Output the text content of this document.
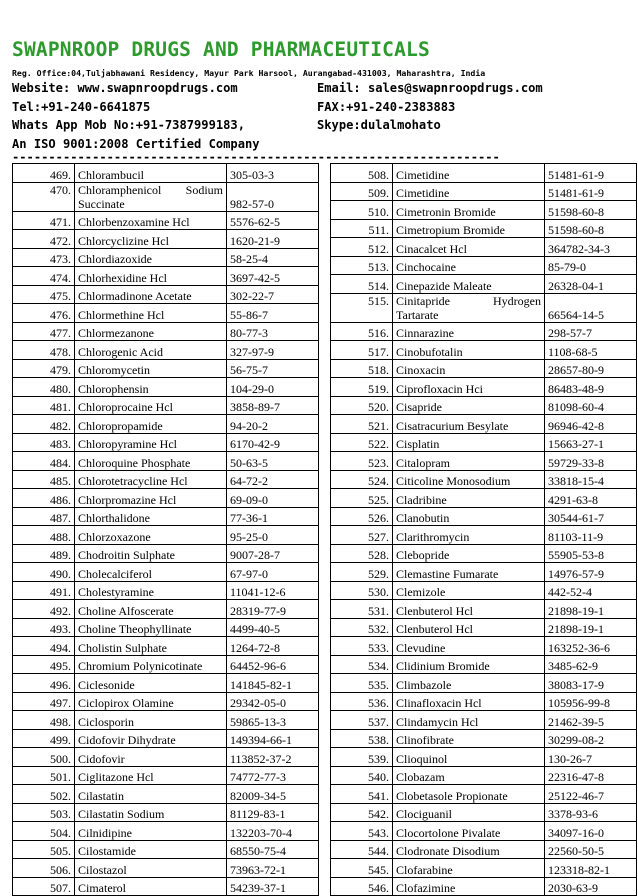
SWAPNROOP DRUGS AND PHARMACEUTICALS
Reg. Office:04,Tuljabhawani Residency, Mayur Park Harsool, Aurangabad-431003, Maharashtra, India
Website: www.swapnroopdrugs.com	Email: sales@swapnroopdrugs.com
Tel:+91-240-6641875	FAX:+91-240-2383883
Whats App Mob No:+91-7387999183,	Skype:dulalmohato
An ISO 9001:2008 Certified Company
-------------------------------------------------------------------
469.	Chlorambucil	305-03-3
470.	Chloramphenicol Sodium
Succinate	982-57-0
471.	Chlorbenzoxamine Hcl	5576-62-5
472.	Chlorcyclizine Hcl	1620-21-9
473.	Chlordiazoxide	58-25-4
474.	Chlorhexidine Hcl	3697-42-5
475.	Chlormadinone Acetate	302-22-7
476.	Chlormethine Hcl	55-86-7
477.	Chlormezanone	80-77-3
478.	Chlorogenic Acid	327-97-9
479.	Chloromycetin	56-75-7
480.	Chlorophensin	104-29-0
481.	Chloroprocaine Hcl	3858-89-7
482.	Chloropropamide	94-20-2
483.	Chloropyramine Hcl	6170-42-9
484.	Chloroquine Phosphate	50-63-5
485.	Chlorotetracycline Hcl	64-72-2
486.	Chlorpromazine Hcl	69-09-0
487.	Chlorthalidone	77-36-1
488.	Chlorzoxazone	95-25-0
489.	Chodroitin Sulphate	9007-28-7
490.	Cholecalciferol	67-97-0
491.	Cholestyramine	11041-12-6
492.	Choline Alfoscerate	28319-77-9
493.	Choline Theophyllinate	4499-40-5
494.	Cholistin Sulphate	1264-72-8
495.	Chromium Polynicotinate	64452-96-6
496.	Ciclesonide	141845-82-1
497.	Ciclopirox Olamine	29342-05-0
498.	Ciclosporin	59865-13-3
499.	Cidofovir Dihydrate	149394-66-1
500.	Cidofovir	113852-37-2
501.	Ciglitazone Hcl	74772-77-3
502.	Cilastatin	82009-34-5
503.	Cilastatin Sodium	81129-83-1
504.	Cilnidipine	132203-70-4
505.	Cilostamide	68550-75-4
506.	Cilostazol	73963-72-1
507.	Cimaterol	54239-37-1
508.	Cimetidine	51481-61-9
509.	Cimetidine	51481-61-9
510.	Cimetronin Bromide	51598-60-8
511.	Cimetropium Bromide	51598-60-8
512.	Cinacalcet Hcl	364782-34-3
513.	Cinchocaine	85-79-0
514.	Cinepazide Maleate	26328-04-1
515.	Cinitapride Hydrogen
Tartarate	66564-14-5
516.	Cinnarazine	298-57-7
517.	Cinobufotalin	1108-68-5
518.	Cinoxacin	28657-80-9
519.	Ciprofloxacin Hci	86483-48-9
520.	Cisapride	81098-60-4
521.	Cisatracurium Besylate	96946-42-8
522.	Cisplatin	15663-27-1
523.	Citalopram	59729-33-8
524.	Citicoline Monosodium	33818-15-4
525.	Cladribine	4291-63-8
526.	Clanobutin	30544-61-7
527.	Clarithromycin	81103-11-9
528.	Clebopride	55905-53-8
529.	Clemastine Fumarate	14976-57-9
530.	Clemizole	442-52-4
531.	Clenbuterol Hcl	21898-19-1
532.	Clenbuterol Hcl	21898-19-1
533.	Clevudine	163252-36-6
534.	Clidinium Bromide	3485-62-9
535.	Climbazole	38083-17-9
536.	Clinafloxacin Hcl	105956-99-8
537.	Clindamycin Hcl	21462-39-5
538.	Clinofibrate	30299-08-2
539.	Clioquinol	130-26-7
540.	Clobazam	22316-47-8
541.	Clobetasole Propionate	25122-46-7
542.	Clociguanil	3378-93-6
543.	Clocortolone Pivalate	34097-16-0
544.	Clodronate Disodium	22560-50-5
545.	Clofarabine	123318-82-1
546.	Clofazimine	2030-63-9
